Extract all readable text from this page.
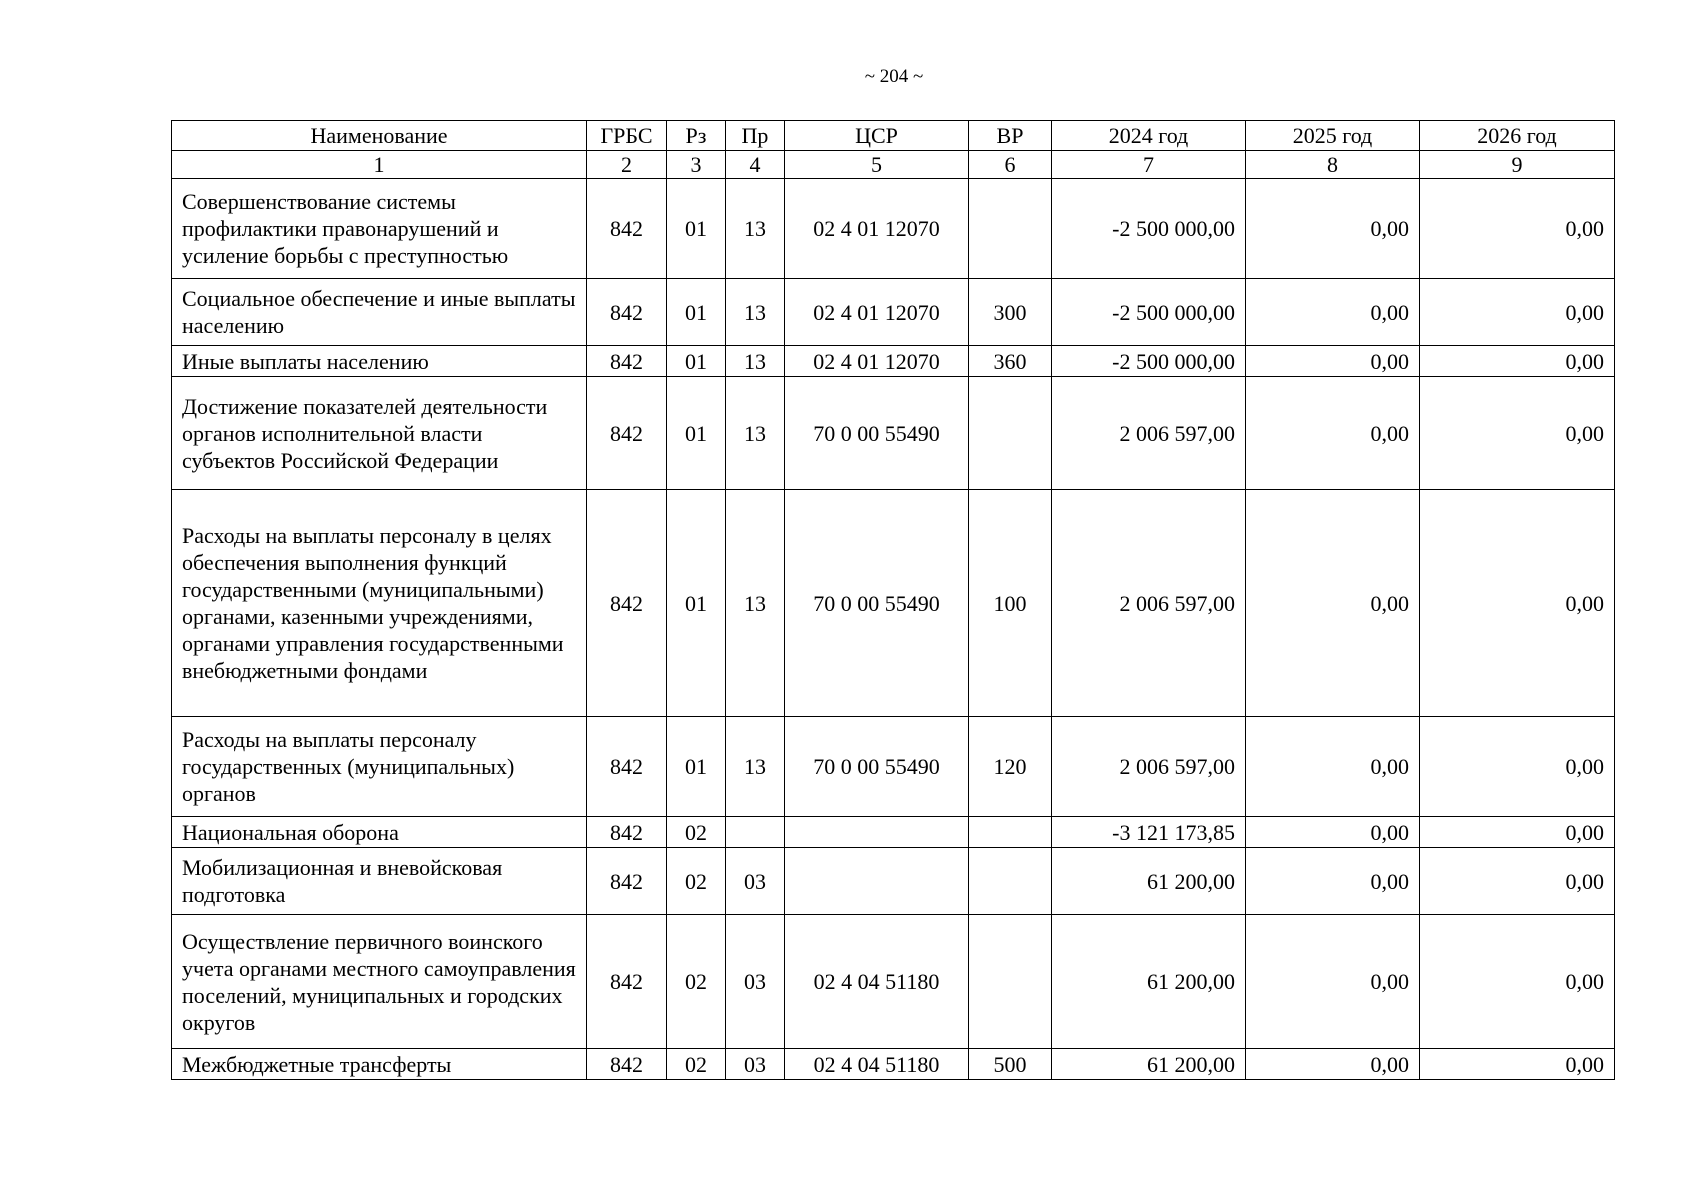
~ 204 ~
Наименование	ГРБС	Рз	Пр	ЦСР	ВР	2024 год	2025 год	2026 год
1	2	3	4	5	6	7	8	9
Совершенствование системы профилактики правонарушений и усиление борьбы с преступностью	842	01	13	02 4 01 12070		-2 500 000,00	0,00	0,00
Социальное обеспечение и иные выплаты населению	842	01	13	02 4 01 12070	300	-2 500 000,00	0,00	0,00
Иные выплаты населению	842	01	13	02 4 01 12070	360	-2 500 000,00	0,00	0,00
Достижение показателей деятельности органов исполнительной власти субъектов Российской Федерации	842	01	13	70 0 00 55490		2 006 597,00	0,00	0,00
Расходы на выплаты персоналу в целях обеспечения выполнения функций государственными (муниципальными) органами, казенными учреждениями, органами управления государственными внебюджетными фондами	842	01	13	70 0 00 55490	100	2 006 597,00	0,00	0,00
Расходы на выплаты персоналу государственных (муниципальных) органов	842	01	13	70 0 00 55490	120	2 006 597,00	0,00	0,00
Национальная оборона	842	02				-3 121 173,85	0,00	0,00
Мобилизационная и вневойсковая подготовка	842	02	03			61 200,00	0,00	0,00
Осуществление первичного воинского учета органами местного самоуправления поселений, муниципальных и городских округов	842	02	03	02 4 04 51180		61 200,00	0,00	0,00
Межбюджетные трансферты	842	02	03	02 4 04 51180	500	61 200,00	0,00	0,00
